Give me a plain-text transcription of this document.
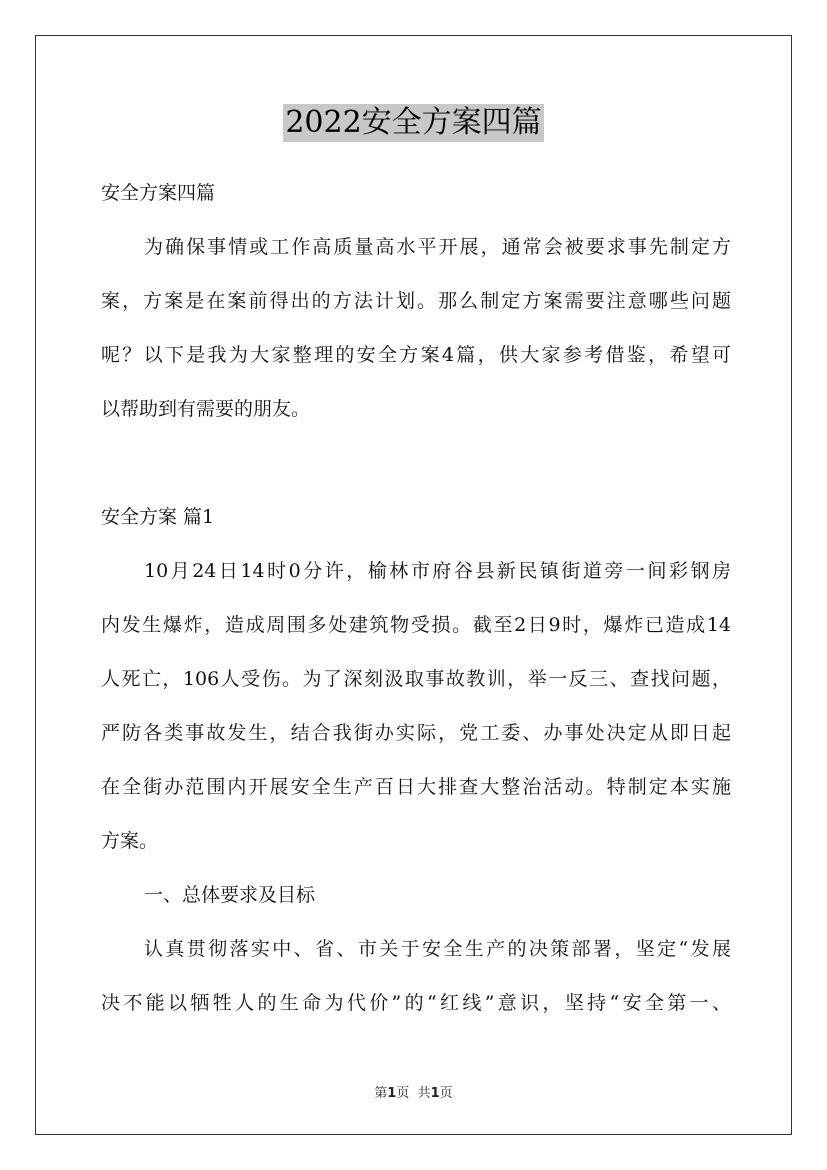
2022安全方案四篇
安全方案四篇
为确保事情或工作高质量高水平开展，通常会被要求事先制定方
案，方案是在案前得出的方法计划。那么制定方案需要注意哪些问题
呢？以下是我为大家整理的安全方案4篇，供大家参考借鉴，希望可
以帮助到有需要的朋友。
安全方案 篇1
10月24日14时0分许，榆林市府谷县新民镇街道旁一间彩钢房
内发生爆炸，造成周围多处建筑物受损。截至2日9时，爆炸已造成14
人死亡，106人受伤。为了深刻汲取事故教训，举一反三、查找问题，
严防各类事故发生，结合我街办实际，党工委、办事处决定从即日起
在全街办范围内开展安全生产百日大排查大整治活动。特制定本实施
方案。
一、总体要求及目标
认真贯彻落实中、省、市关于安全生产的决策部署，坚定“发展
决不能以牺牲人的生命为代价”的“红线”意识，坚持“安全第一、
第1页 共1页
